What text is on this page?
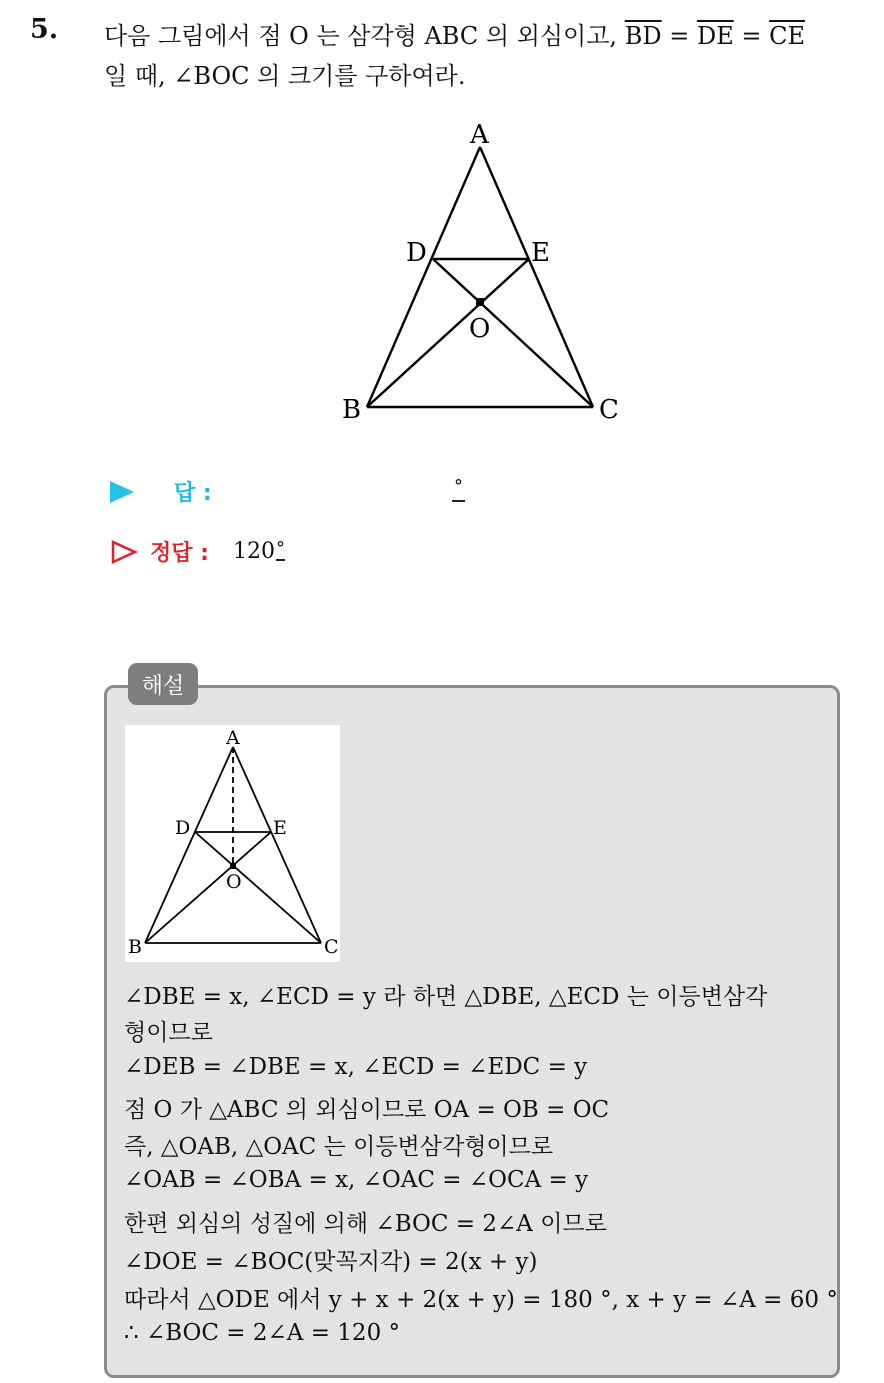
5. 다음 그림에서 점 O 는 삼각형 ABC 의 외심이고, $\overline{BD} = \overline{DE} = \overline{CE}$
일 때, ∠BOC 의 크기를 구하여라.
A
D	E
O
B	C
답 :	°
정답 : 120°
해설
A
D	E
O
B	C
∠DBE = x, ∠ECD = y 라 하면 △DBE, △ECD 는 이등변삼각
형이므로
∠DEB = ∠DBE = x, ∠ECD = ∠EDC = y
점 O 가 △ABC 의 외심이므로 OA = OB = OC
즉, △OAB, △OAC 는 이등변삼각형이므로
∠OAB = ∠OBA = x, ∠OAC = ∠OCA = y
한편 외심의 성질에 의해 ∠BOC = 2∠A 이므로
∠DOE = ∠BOC(맞꼭지각) = 2(x + y)
따라서 △ODE 에서 y + x + 2(x + y) = 180 °, x + y = ∠A = 60 °
∴ ∠BOC = 2∠A = 120 °
